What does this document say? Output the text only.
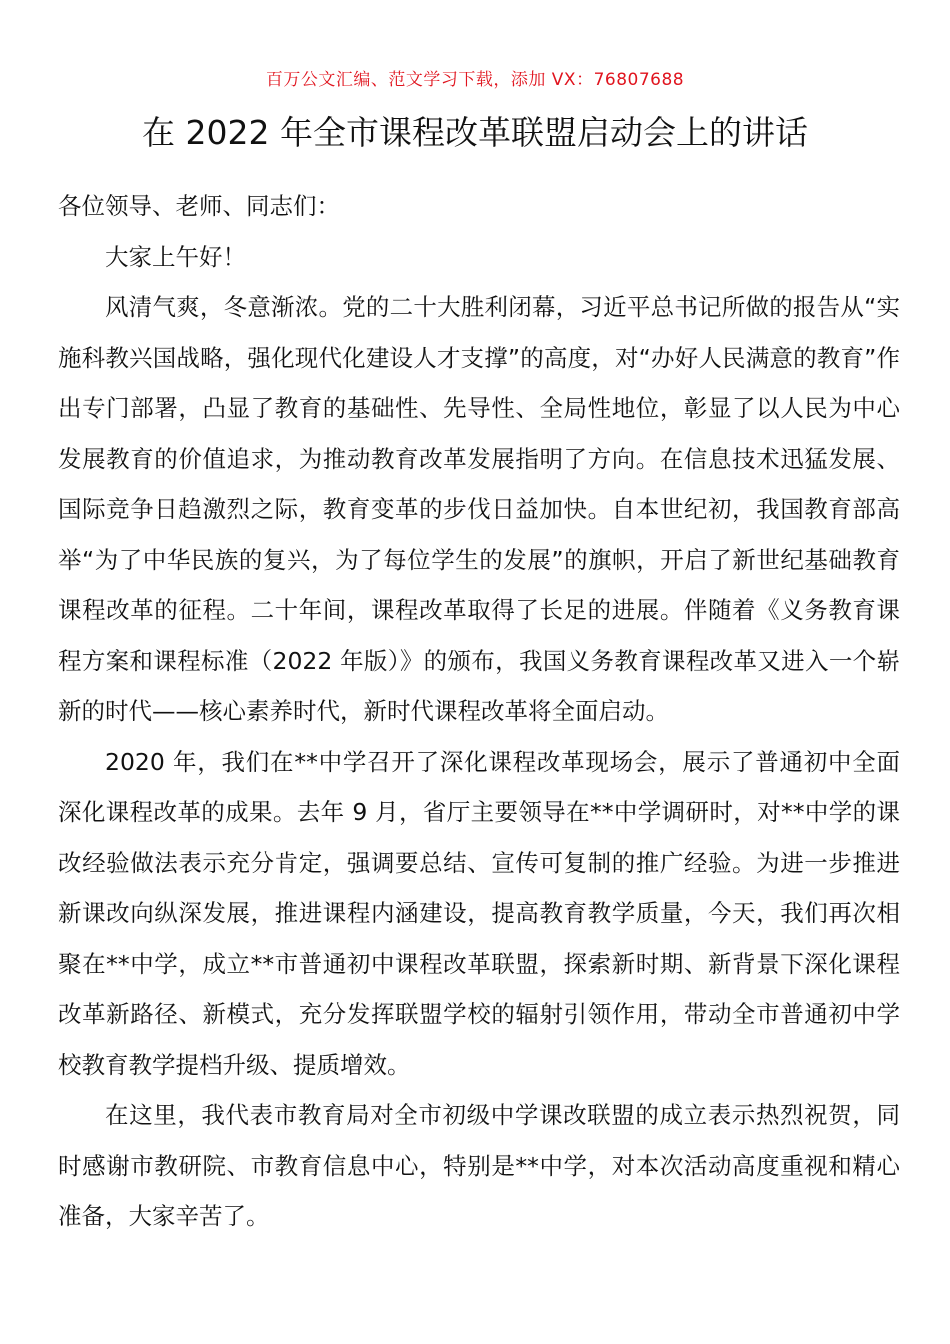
百万公文汇编、范文学习下载，添加 VX：76807688
在 2022 年全市课程改革联盟启动会上的讲话

各位领导、老师、同志们：

大家上午好！

风清气爽，冬意渐浓。党的二十大胜利闭幕，习近平总书记所做的报告从“实施科教兴国战略，强化现代化建设人才支撑”的高度，对“办好人民满意的教育”作出专门部署，凸显了教育的基础性、先导性、全局性地位，彰显了以人民为中心发展教育的价值追求，为推动教育改革发展指明了方向。在信息技术迅猛发展、国际竞争日趋激烈之际，教育变革的步伐日益加快。自本世纪初，我国教育部高举“为了中华民族的复兴，为了每位学生的发展”的旗帜，开启了新世纪基础教育课程改革的征程。二十年间，课程改革取得了长足的进展。伴随着《义务教育课程方案和课程标准（2022 年版）》的颁布，我国义务教育课程改革又进入一个崭新的时代——核心素养时代，新时代课程改革将全面启动。

2020 年，我们在**中学召开了深化课程改革现场会，展示了普通初中全面深化课程改革的成果。去年 9 月，省厅主要领导在**中学调研时，对**中学的课改经验做法表示充分肯定，强调要总结、宣传可复制的推广经验。为进一步推进新课改向纵深发展，推进课程内涵建设，提高教育教学质量，今天，我们再次相聚在**中学，成立**市普通初中课程改革联盟，探索新时期、新背景下深化课程改革新路径、新模式，充分发挥联盟学校的辐射引领作用，带动全市普通初中学校教育教学提档升级、提质增效。

在这里，我代表市教育局对全市初级中学课改联盟的成立表示热烈祝贺，同时感谢市教研院、市教育信息中心，特别是**中学，对本次活动高度重视和精心准备，大家辛苦了。
